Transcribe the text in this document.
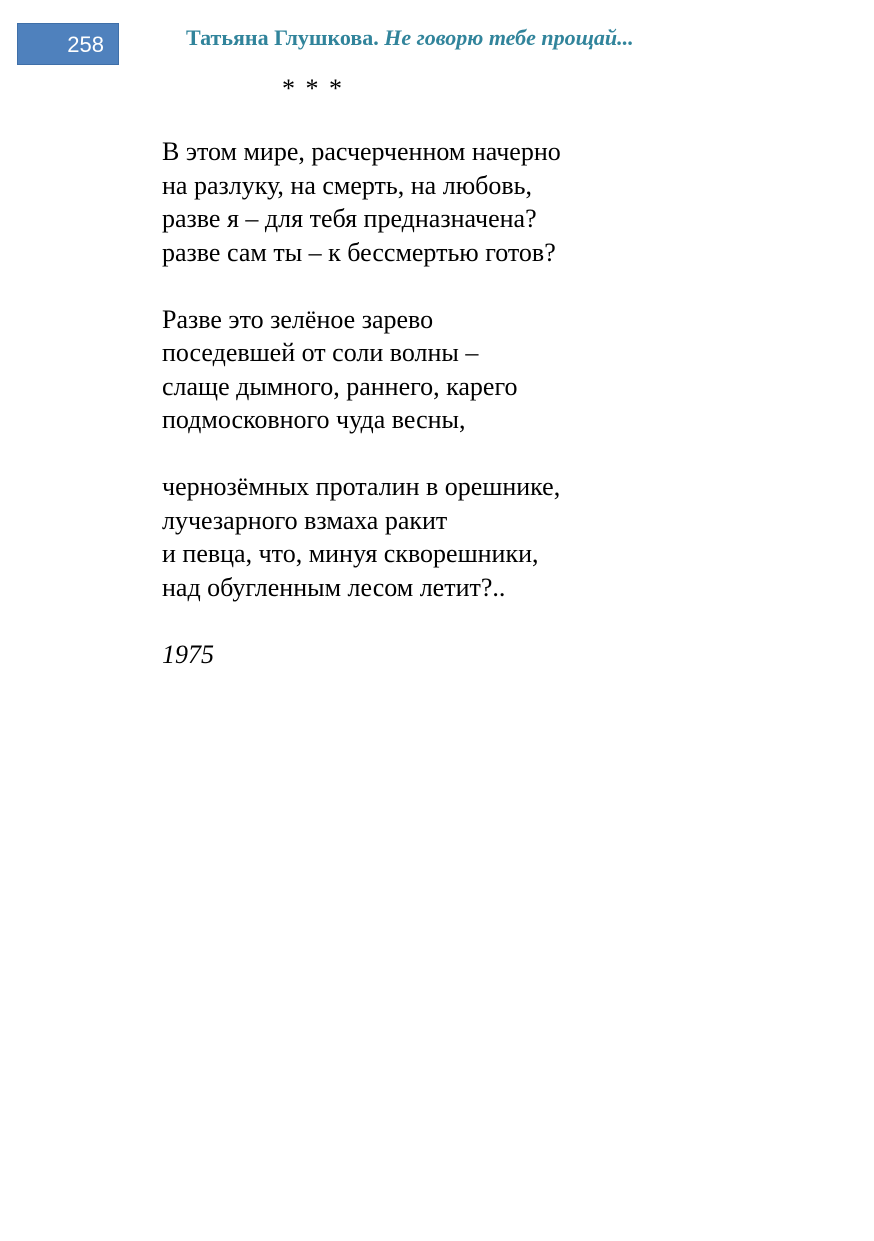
258	Татьяна Глушкова. Не говорю тебе прощай...
* * *
В этом мире, расчерченном начерно
на разлуку, на смерть, на любовь,
разве я – для тебя предназначена?
разве сам ты – к бессмертью готов?
Разве это зелёное зарево
поседевшей от соли волны –
слаще дымного, раннего, карего
подмосковного чуда весны,
чернозёмных проталин в орешнике,
лучезарного взмаха ракит
и певца, что, минуя скворешники,
над обугленным лесом летит?..
1975
